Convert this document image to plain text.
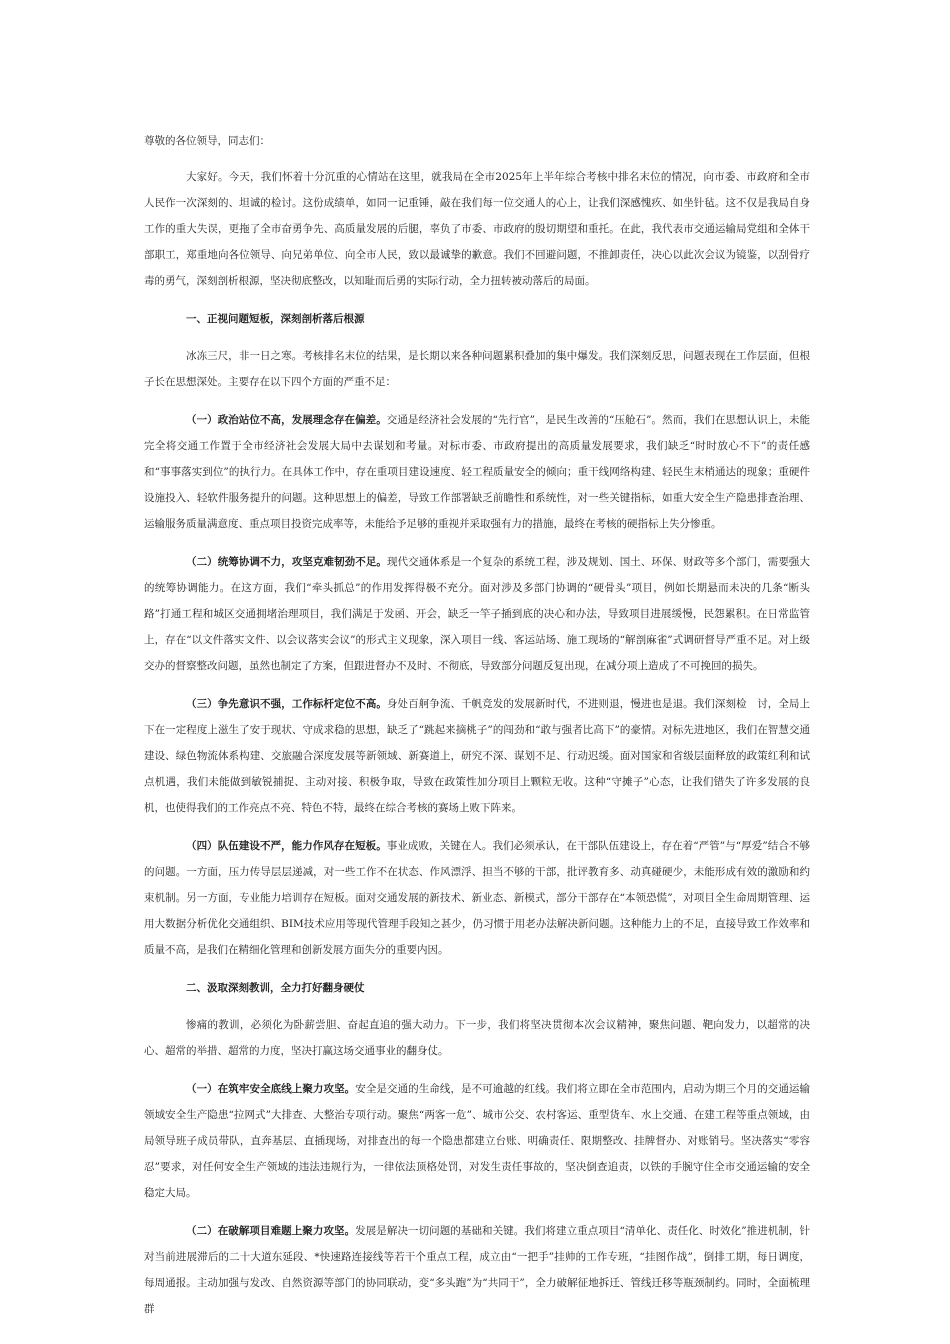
尊敬的各位领导，同志们：

大家好。今天，我们怀着十分沉重的心情站在这里，就我局在全市2025年上半年综合考核中排名末位的情况，向市委、市政府和全市人民作一次深刻的、坦诚的检讨。这份成绩单，如同一记重锤，敲在我们每一位交通人的心上，让我们深感愧疚、如坐针毡。这不仅是我局自身工作的重大失误，更拖了全市奋勇争先、高质量发展的后腿，辜负了市委、市政府的殷切期望和重托。在此，我代表市交通运输局党组和全体干部职工，郑重地向各位领导、向兄弟单位、向全市人民，致以最诚挚的歉意。我们不回避问题，不推卸责任，决心以此次会议为镜鉴，以刮骨疗毒的勇气，深刻剖析根源，坚决彻底整改，以知耻而后勇的实际行动，全力扭转被动落后的局面。

一、正视问题短板，深刻剖析落后根源

冰冻三尺，非一日之寒。考核排名末位的结果，是长期以来各种问题累积叠加的集中爆发。我们深刻反思，问题表现在工作层面，但根子长在思想深处。主要存在以下四个方面的严重不足：

（一）政治站位不高，发展理念存在偏差。交通是经济社会发展的“先行官”，是民生改善的“压舱石”。然而，我们在思想认识上，未能完全将交通工作置于全市经济社会发展大局中去谋划和考量。对标市委、市政府提出的高质量发展要求，我们缺乏“时时放心不下”的责任感和“事事落实到位”的执行力。在具体工作中，存在重项目建设速度、轻工程质量安全的倾向；重干线网络构建、轻民生末梢通达的现象；重硬件设施投入、轻软件服务提升的问题。这种思想上的偏差，导致工作部署缺乏前瞻性和系统性，对一些关键指标，如重大安全生产隐患排查治理、运输服务质量满意度、重点项目投资完成率等，未能给予足够的重视并采取强有力的措施，最终在考核的硬指标上失分惨重。

（二）统筹协调不力，攻坚克难韧劲不足。现代交通体系是一个复杂的系统工程，涉及规划、国土、环保、财政等多个部门，需要强大的统筹协调能力。在这方面，我们“牵头抓总”的作用发挥得极不充分。面对涉及多部门协调的“硬骨头”项目，例如长期悬而未决的几条“断头路”打通工程和城区交通拥堵治理项目，我们满足于发函、开会，缺乏一竿子插到底的决心和办法，导致项目进展缓慢，民怨累积。在日常监管上，存在“以文件落实文件、以会议落实会议”的形式主义现象，深入项目一线、客运站场、施工现场的“解剖麻雀”式调研督导严重不足。对上级交办的督察整改问题，虽然也制定了方案，但跟进督办不及时、不彻底，导致部分问题反复出现，在减分项上造成了不可挽回的损失。

（三）争先意识不强，工作标杆定位不高。身处百舸争流、千帆竞发的发展新时代，不进则退，慢进也是退。我们深刻检　讨，全局上下在一定程度上滋生了安于现状、守成求稳的思想，缺乏了“跳起来摘桃子”的闯劲和“敢与强者比高下”的豪情。对标先进地区，我们在智慧交通建设、绿色物流体系构建、交旅融合深度发展等新领域、新赛道上，研究不深、谋划不足、行动迟缓。面对国家和省级层面释放的政策红利和试点机遇，我们未能做到敏锐捕捉、主动对接、积极争取，导致在政策性加分项目上颗粒无收。这种“守摊子”心态，让我们错失了许多发展的良机，也使得我们的工作亮点不亮、特色不特，最终在综合考核的赛场上败下阵来。

（四）队伍建设不严，能力作风存在短板。事业成败，关键在人。我们必须承认，在干部队伍建设上，存在着“严管”与“厚爱”结合不够的问题。一方面，压力传导层层递减，对一些工作不在状态、作风漂浮、担当不够的干部，批评教育多、动真碰硬少，未能形成有效的激励和约束机制。另一方面，专业能力培训存在短板。面对交通发展的新技术、新业态、新模式，部分干部存在“本领恐慌”，对项目全生命周期管理、运用大数据分析优化交通组织、BIM技术应用等现代管理手段知之甚少，仍习惯于用老办法解决新问题。这种能力上的不足，直接导致工作效率和质量不高，是我们在精细化管理和创新发展方面失分的重要内因。

二、汲取深刻教训，全力打好翻身硬仗

惨痛的教训，必须化为卧薪尝胆、奋起直追的强大动力。下一步，我们将坚决贯彻本次会议精神，聚焦问题、靶向发力，以超常的决心、超常的举措、超常的力度，坚决打赢这场交通事业的翻身仗。

（一）在筑牢安全底线上聚力攻坚。安全是交通的生命线，是不可逾越的红线。我们将立即在全市范围内，启动为期三个月的交通运输领域安全生产隐患“拉网式”大排查、大整治专项行动。聚焦“两客一危”、城市公交、农村客运、重型货车、水上交通、在建工程等重点领域，由局领导班子成员带队，直奔基层、直插现场，对排查出的每一个隐患都建立台账、明确责任、限期整改、挂牌督办、对账销号。坚决落实“零容忍”要求，对任何安全生产领域的违法违规行为，一律依法顶格处罚，对发生责任事故的，坚决倒查追责，以铁的手腕守住全市交通运输的安全稳定大局。

（二）在破解项目难题上聚力攻坚。发展是解决一切问题的基础和关键。我们将建立重点项目“清单化、责任化、时效化”推进机制，针对当前进展滞后的二十大道东延段、*快速路连接线等若干个重点工程，成立由“一把手”挂帅的工作专班，“挂图作战”，倒排工期，每日调度，每周通报。主动加强与发改、自然资源等部门的协同联动，变“多头跑”为“共同干”，全力破解征地拆迁、管线迁移等瓶颈制约。同时，全面梳理群
